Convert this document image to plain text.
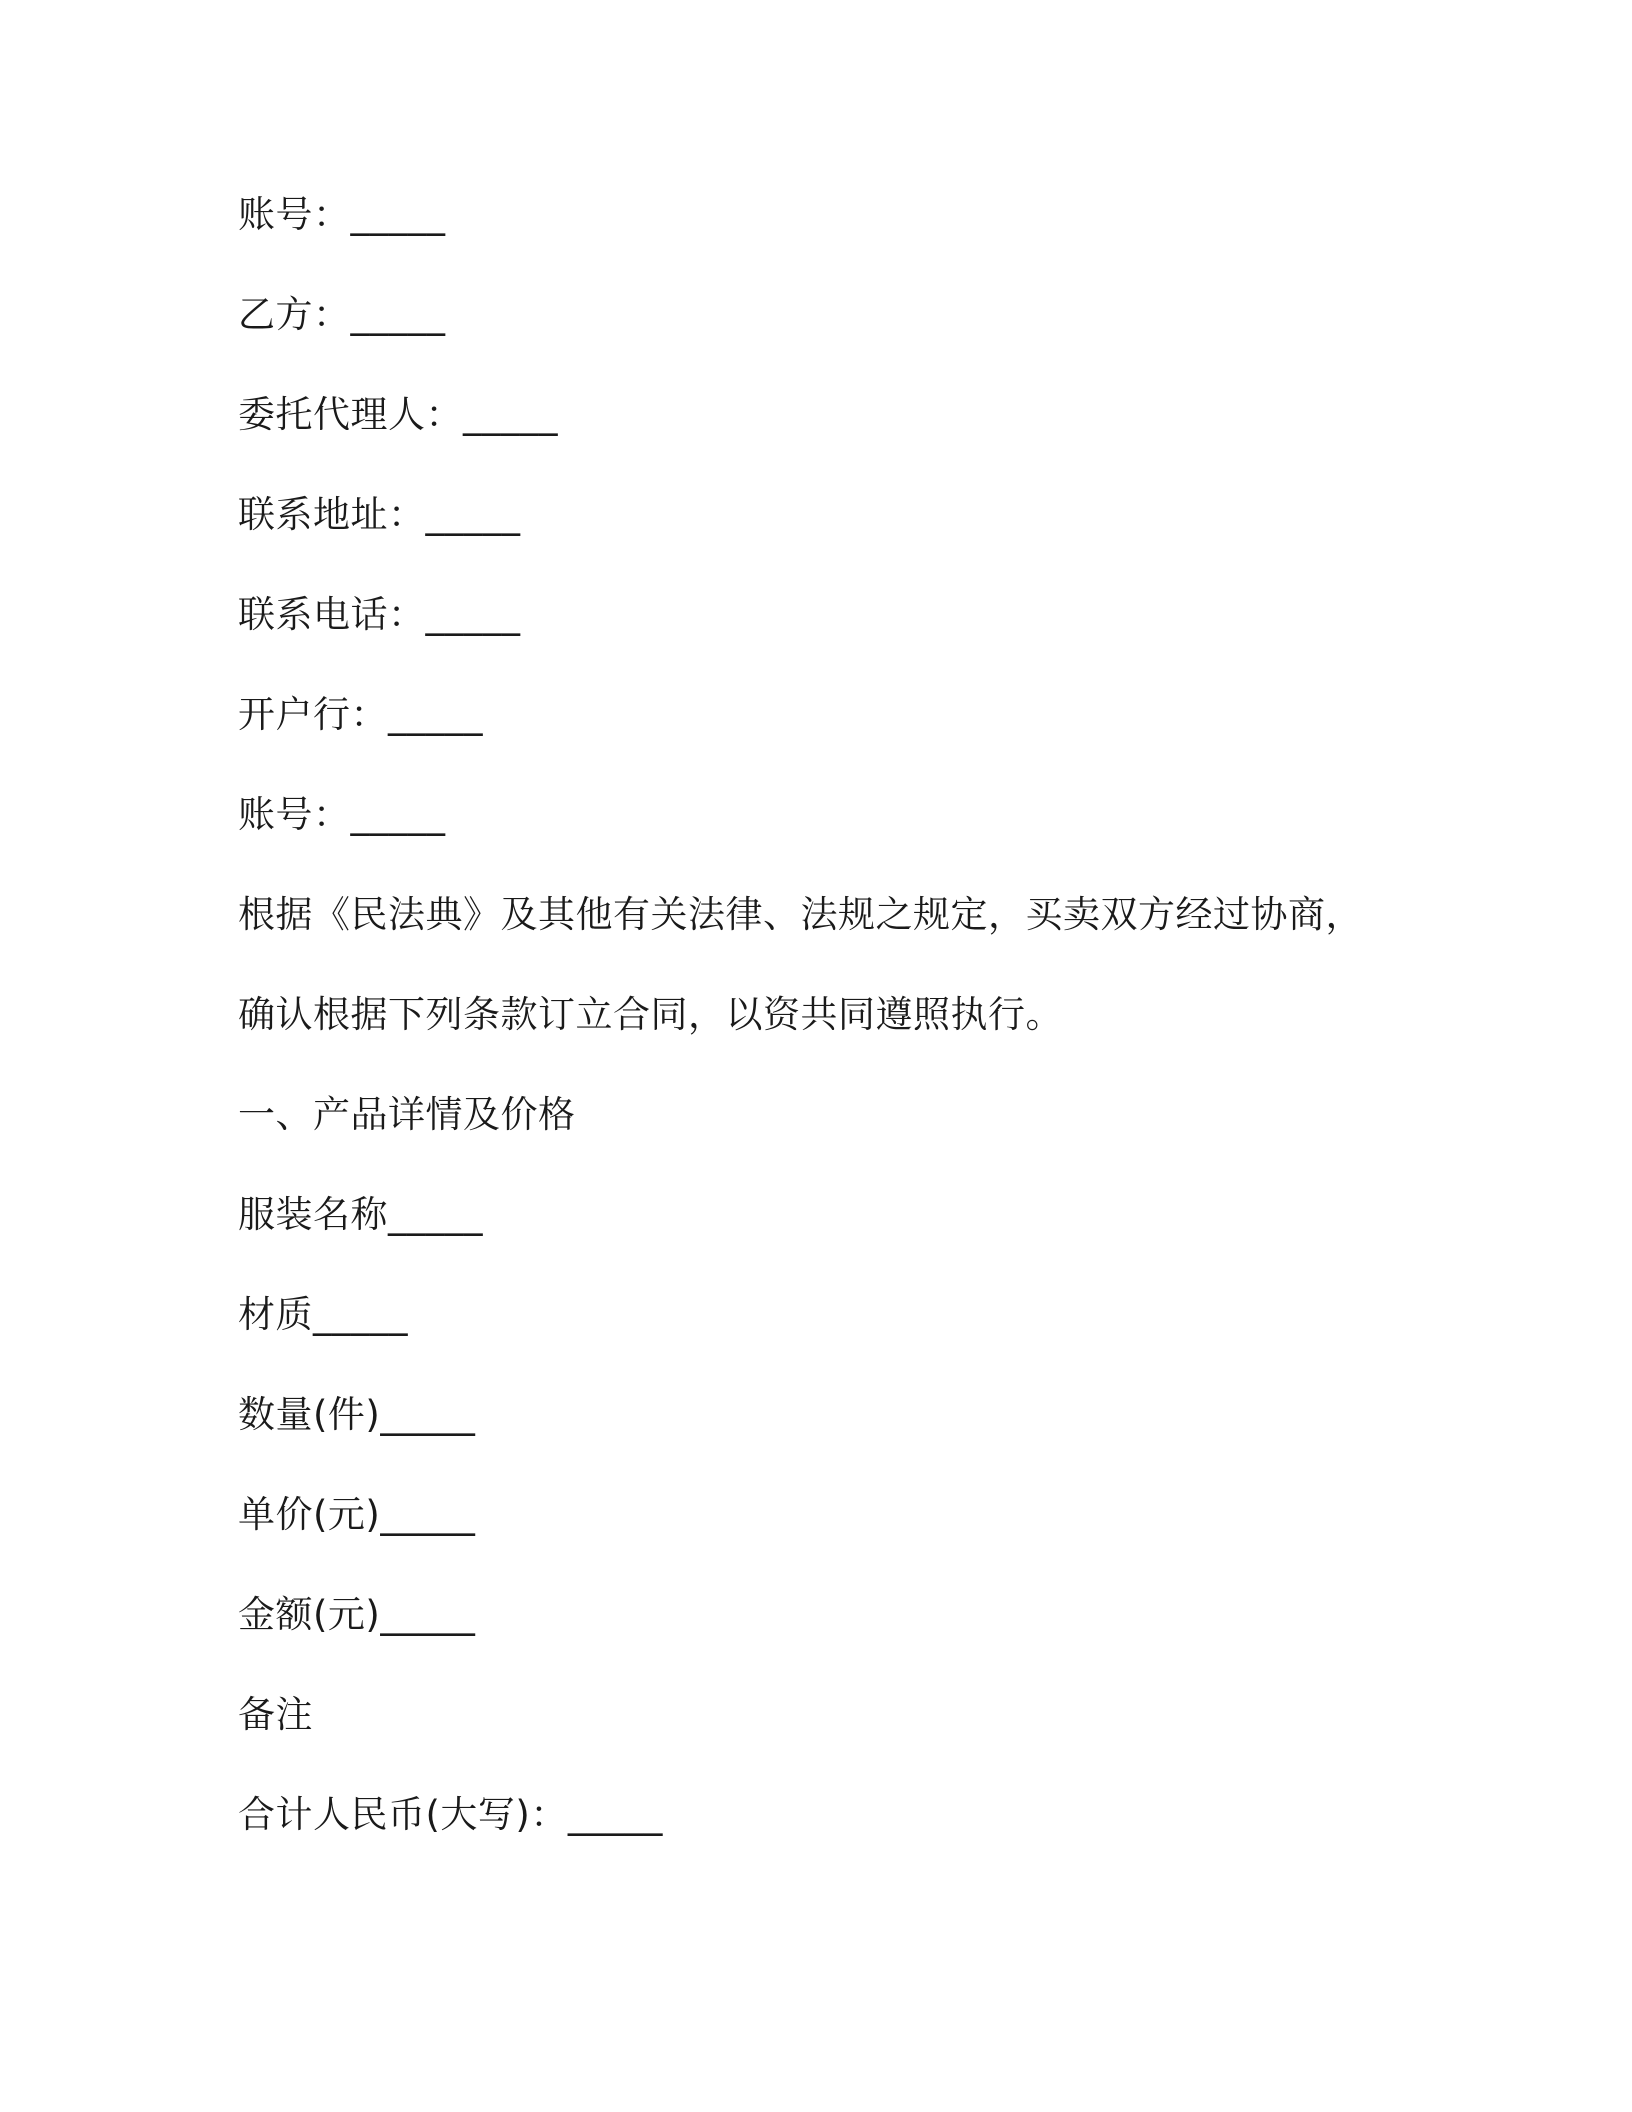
账号：_____
乙方：_____
委托代理人：_____
联系地址：_____
联系电话：_____
开户行：_____
账号：_____
根据《民法典》及其他有关法律、法规之规定，买卖双方经过协商，
确认根据下列条款订立合同，以资共同遵照执行。
一、产品详情及价格
服装名称_____
材质_____
数量(件)_____
单价(元)_____
金额(元)_____
备注
合计人民币(大写)：_____
